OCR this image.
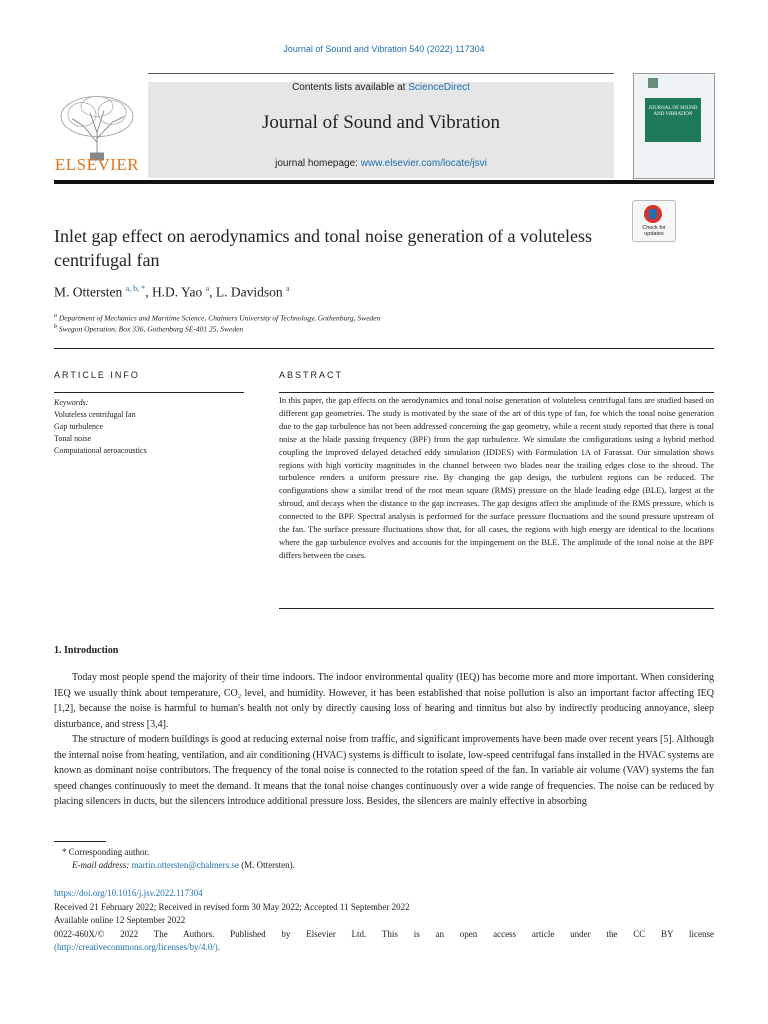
Journal of Sound and Vibration 540 (2022) 117304
ELSEVIER
Contents lists available at ScienceDirect
Journal of Sound and Vibration
journal homepage: www.elsevier.com/locate/jsvi
JOURNAL OF SOUND AND VIBRATION
Inlet gap effect on aerodynamics and tonal noise generation of a voluteless centrifugal fan
Check for updates
M. Ottersten $^{a, b, *}$, H.D. Yao $^a$, L. Davidson $^a$
$^a$ Department of Mechanics and Maritime Science, Chalmers University of Technology, Gothenburg, Sweden
$^b$ Swegon Operation, Box 336, Gothenburg SE-401 25, Sweden
ARTICLE INFO
Keywords:
Voluteless centrifugal fan
Gap turbulence
Tonal noise
Computational aeroacoustics
ABSTRACT
In this paper, the gap effects on the aerodynamics and tonal noise generation of voluteless centrifugal fans are studied based on different gap geometries. The study is motivated by the state of the art of this type of fan, for which the tonal noise generation due to the gap turbulence has not been addressed concerning the gap geometry, while a recent study reported that there is tonal noise at the blade passing frequency (BPF) from the gap turbulence. We simulate the configurations using a hybrid method coupling the improved delayed detached eddy simulation (IDDES) with Formulation 1A of Farassat. Our simulation shows regions with high vorticity magnitudes in the channel between two blades near the trailing edges close to the shroud. The turbulence renders a uniform pressure rise. By changing the gap design, the turbulent regions can be reduced. The configurations show a similar trend of the root mean square (RMS) pressure on the blade leading edge (BLE), largest at the shroud, and decays when the distance to the gap increases. The gap designs affect the amplitude of the RMS pressure, which is connected to the BPF. Spectral analysis is performed for the surface pressure fluctuations and the sound pressure upstream of the fan. The surface pressure fluctuations show that, for all cases, the regions with high energy are identical to the locations where the gap turbulence evolves and accounts for the impingement on the BLE. The amplitude of the tonal noise at the BPF differs between the cases.
1. Introduction
Today most people spend the majority of their time indoors. The indoor environmental quality (IEQ) has become more and more important. When considering IEQ we usually think about temperature, CO₂ level, and humidity. However, it has been established that noise pollution is also an important factor affecting IEQ [1,2], because the noise is harmful to human's health not only by directly causing loss of hearing and tinnitus but also by indirectly producing annoyance, sleep disturbance, and stress [3,4].
The structure of modern buildings is good at reducing external noise from traffic, and significant improvements have been made over recent years [5]. Although the internal noise from heating, ventilation, and air conditioning (HVAC) systems is difficult to isolate, low-speed centrifugal fans installed in the HVAC systems are known as dominant noise contributors. The frequency of the tonal noise is connected to the rotation speed of the fan. In variable air volume (VAV) systems the fan speed changes continuously to meet the demand. It means that the tonal noise changes continuously over a wide range of frequencies. The noise can be reduced by placing silencers in ducts, but the silencers introduce additional pressure loss. Besides, the silencers are mainly effective in absorbing
* Corresponding author.
E-mail address: martin.ottersten@chalmers.se (M. Ottersten).
https://doi.org/10.1016/j.jsv.2022.117304
Received 21 February 2022; Received in revised form 30 May 2022; Accepted 11 September 2022
Available online 12 September 2022
0022-460X/© 2022 The Authors. Published by Elsevier Ltd. This is an open access article under the CC BY license
(http://creativecommons.org/licenses/by/4.0/).
